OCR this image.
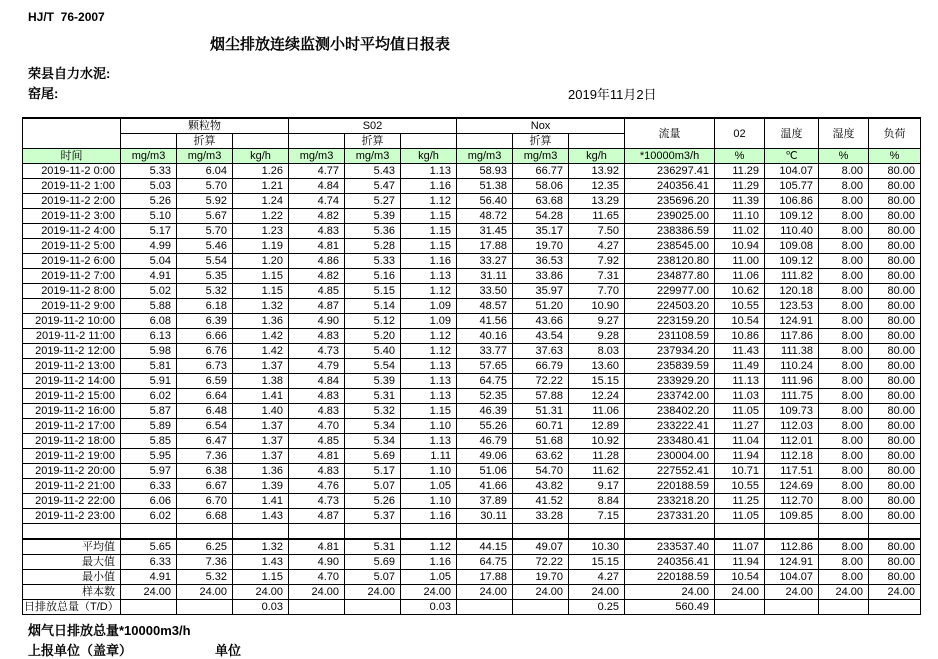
HJ/T  76-2007
烟尘排放连续监测小时平均值日报表
荣县自力水泥:
窑尾:	2019年11月2日
	颗粒物			S02			Nox			流量	02	温度	湿度	负荷
		折算			折算			折算						
时间	mg/m3	mg/m3	kg/h	mg/m3	mg/m3	kg/h	mg/m3	mg/m3	kg/h	*10000m3/h	%	℃	%	%
2019-11-2 0:00	5.33	6.04	1.26	4.77	5.43	1.13	58.93	66.77	13.92	236297.41	11.29	104.07	8.00	80.00
2019-11-2 1:00	5.03	5.70	1.21	4.84	5.47	1.16	51.38	58.06	12.35	240356.41	11.29	105.77	8.00	80.00
2019-11-2 2:00	5.26	5.92	1.24	4.74	5.27	1.12	56.40	63.68	13.29	235696.20	11.39	106.86	8.00	80.00
2019-11-2 3:00	5.10	5.67	1.22	4.82	5.39	1.15	48.72	54.28	11.65	239025.00	11.10	109.12	8.00	80.00
2019-11-2 4:00	5.17	5.70	1.23	4.83	5.36	1.15	31.45	35.17	7.50	238386.59	11.02	110.40	8.00	80.00
2019-11-2 5:00	4.99	5.46	1.19	4.81	5.28	1.15	17.88	19.70	4.27	238545.00	10.94	109.08	8.00	80.00
2019-11-2 6:00	5.04	5.54	1.20	4.86	5.33	1.16	33.27	36.53	7.92	238120.80	11.00	109.12	8.00	80.00
2019-11-2 7:00	4.91	5.35	1.15	4.82	5.16	1.13	31.11	33.86	7.31	234877.80	11.06	111.82	8.00	80.00
2019-11-2 8:00	5.02	5.32	1.15	4.85	5.15	1.12	33.50	35.97	7.70	229977.00	10.62	120.18	8.00	80.00
2019-11-2 9:00	5.88	6.18	1.32	4.87	5.14	1.09	48.57	51.20	10.90	224503.20	10.55	123.53	8.00	80.00
2019-11-2 10:00	6.08	6.39	1.36	4.90	5.12	1.09	41.56	43.66	9.27	223159.20	10.54	124.91	8.00	80.00
2019-11-2 11:00	6.13	6.66	1.42	4.83	5.20	1.12	40.16	43.54	9.28	231108.59	10.86	117.86	8.00	80.00
2019-11-2 12:00	5.98	6.76	1.42	4.73	5.40	1.12	33.77	37.63	8.03	237934.20	11.43	111.38	8.00	80.00
2019-11-2 13:00	5.81	6.73	1.37	4.79	5.54	1.13	57.65	66.79	13.60	235839.59	11.49	110.24	8.00	80.00
2019-11-2 14:00	5.91	6.59	1.38	4.84	5.39	1.13	64.75	72.22	15.15	233929.20	11.13	111.96	8.00	80.00
2019-11-2 15:00	6.02	6.64	1.41	4.83	5.31	1.13	52.35	57.88	12.24	233742.00	11.03	111.75	8.00	80.00
2019-11-2 16:00	5.87	6.48	1.40	4.83	5.32	1.15	46.39	51.31	11.06	238402.20	11.05	109.73	8.00	80.00
2019-11-2 17:00	5.89	6.54	1.37	4.70	5.34	1.10	55.26	60.71	12.89	233222.41	11.27	112.03	8.00	80.00
2019-11-2 18:00	5.85	6.47	1.37	4.85	5.34	1.13	46.79	51.68	10.92	233480.41	11.04	112.01	8.00	80.00
2019-11-2 19:00	5.95	7.36	1.37	4.81	5.69	1.11	49.06	63.62	11.28	230004.00	11.94	112.18	8.00	80.00
2019-11-2 20:00	5.97	6.38	1.36	4.83	5.17	1.10	51.06	54.70	11.62	227552.41	10.71	117.51	8.00	80.00
2019-11-2 21:00	6.33	6.67	1.39	4.76	5.07	1.05	41.66	43.82	9.17	220188.59	10.55	124.69	8.00	80.00
2019-11-2 22:00	6.06	6.70	1.41	4.73	5.26	1.10	37.89	41.52	8.84	233218.20	11.25	112.70	8.00	80.00
2019-11-2 23:00	6.02	6.68	1.43	4.87	5.37	1.16	30.11	33.28	7.15	237331.20	11.05	109.85	8.00	80.00

平均值	5.65	6.25	1.32	4.81	5.31	1.12	44.15	49.07	10.30	233537.40	11.07	112.86	8.00	80.00
最大值	6.33	7.36	1.43	4.90	5.69	1.16	64.75	72.22	15.15	240356.41	11.94	124.91	8.00	80.00
最小值	4.91	5.32	1.15	4.70	5.07	1.05	17.88	19.70	4.27	220188.59	10.54	104.07	8.00	80.00
样本数	24.00	24.00	24.00	24.00	24.00	24.00	24.00	24.00	24.00	24.00	24.00	24.00	24.00	24.00
日排放总量（T/D）			0.03			0.03			0.25	560.49				
烟气日排放总量*10000m3/h
上报单位（盖章）	单位
